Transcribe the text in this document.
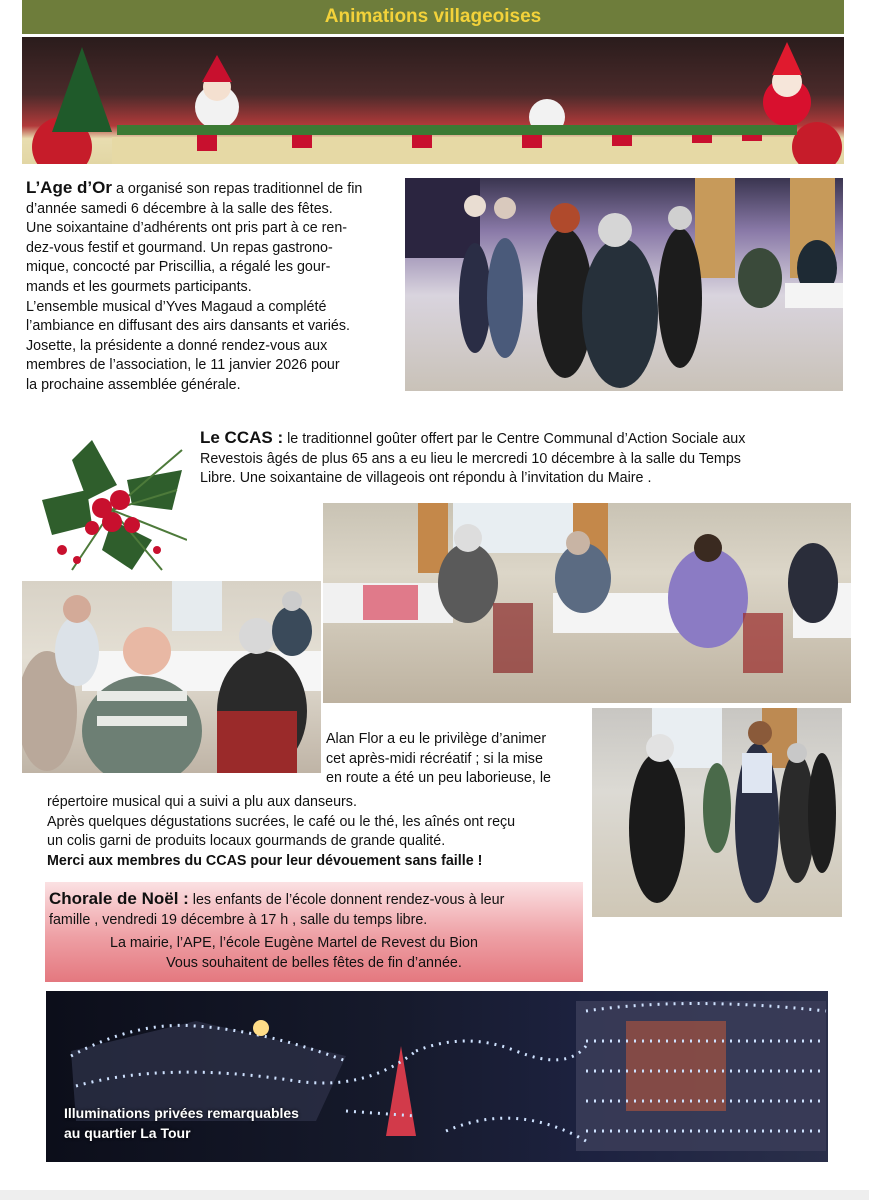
Animations villageoises

L’Age d’Or a organisé son repas traditionnel de fin

d’année samedi 6 décembre à la salle des fêtes.

Une soixantaine d’adhérents ont pris part à ce ren-

dez-vous festif et gourmand. Un repas gastrono-

mique, concocté par Priscillia, a régalé les gour-

mands et les gourmets participants.

L’ensemble musical d’Yves Magaud a complété

l’ambiance en diffusant des airs dansants et variés.

Josette, la présidente a donné rendez-vous aux

membres de l’association, le 11 janvier 2026 pour

la prochaine assemblée générale.

Le CCAS : le traditionnel goûter offert par le Centre Communal d’Action Sociale aux

Revestois âgés de plus 65 ans a eu lieu le mercredi 10 décembre à la salle du Temps

Libre. Une soixantaine de villageois ont répondu à l’invitation du Maire .

Alan Flor a eu le privilège d’animer

cet après-midi récréatif ; si la mise

en route a été un peu laborieuse, le

répertoire musical qui a suivi a plu aux danseurs.

Après quelques dégustations sucrées, le café ou le thé, les aînés ont reçu

un colis garni de produits locaux gourmands de grande qualité.

Merci aux membres du CCAS pour leur dévouement sans faille !

Chorale de Noël : les enfants de l’école donnent rendez-vous à leur

famille , vendredi 19 décembre à 17 h , salle du temps libre.

La mairie, l’APE, l’école Eugène Martel de Revest du Bion

Vous souhaitent de belles fêtes de fin d’année.

Illuminations privées remarquables
au quartier La Tour
